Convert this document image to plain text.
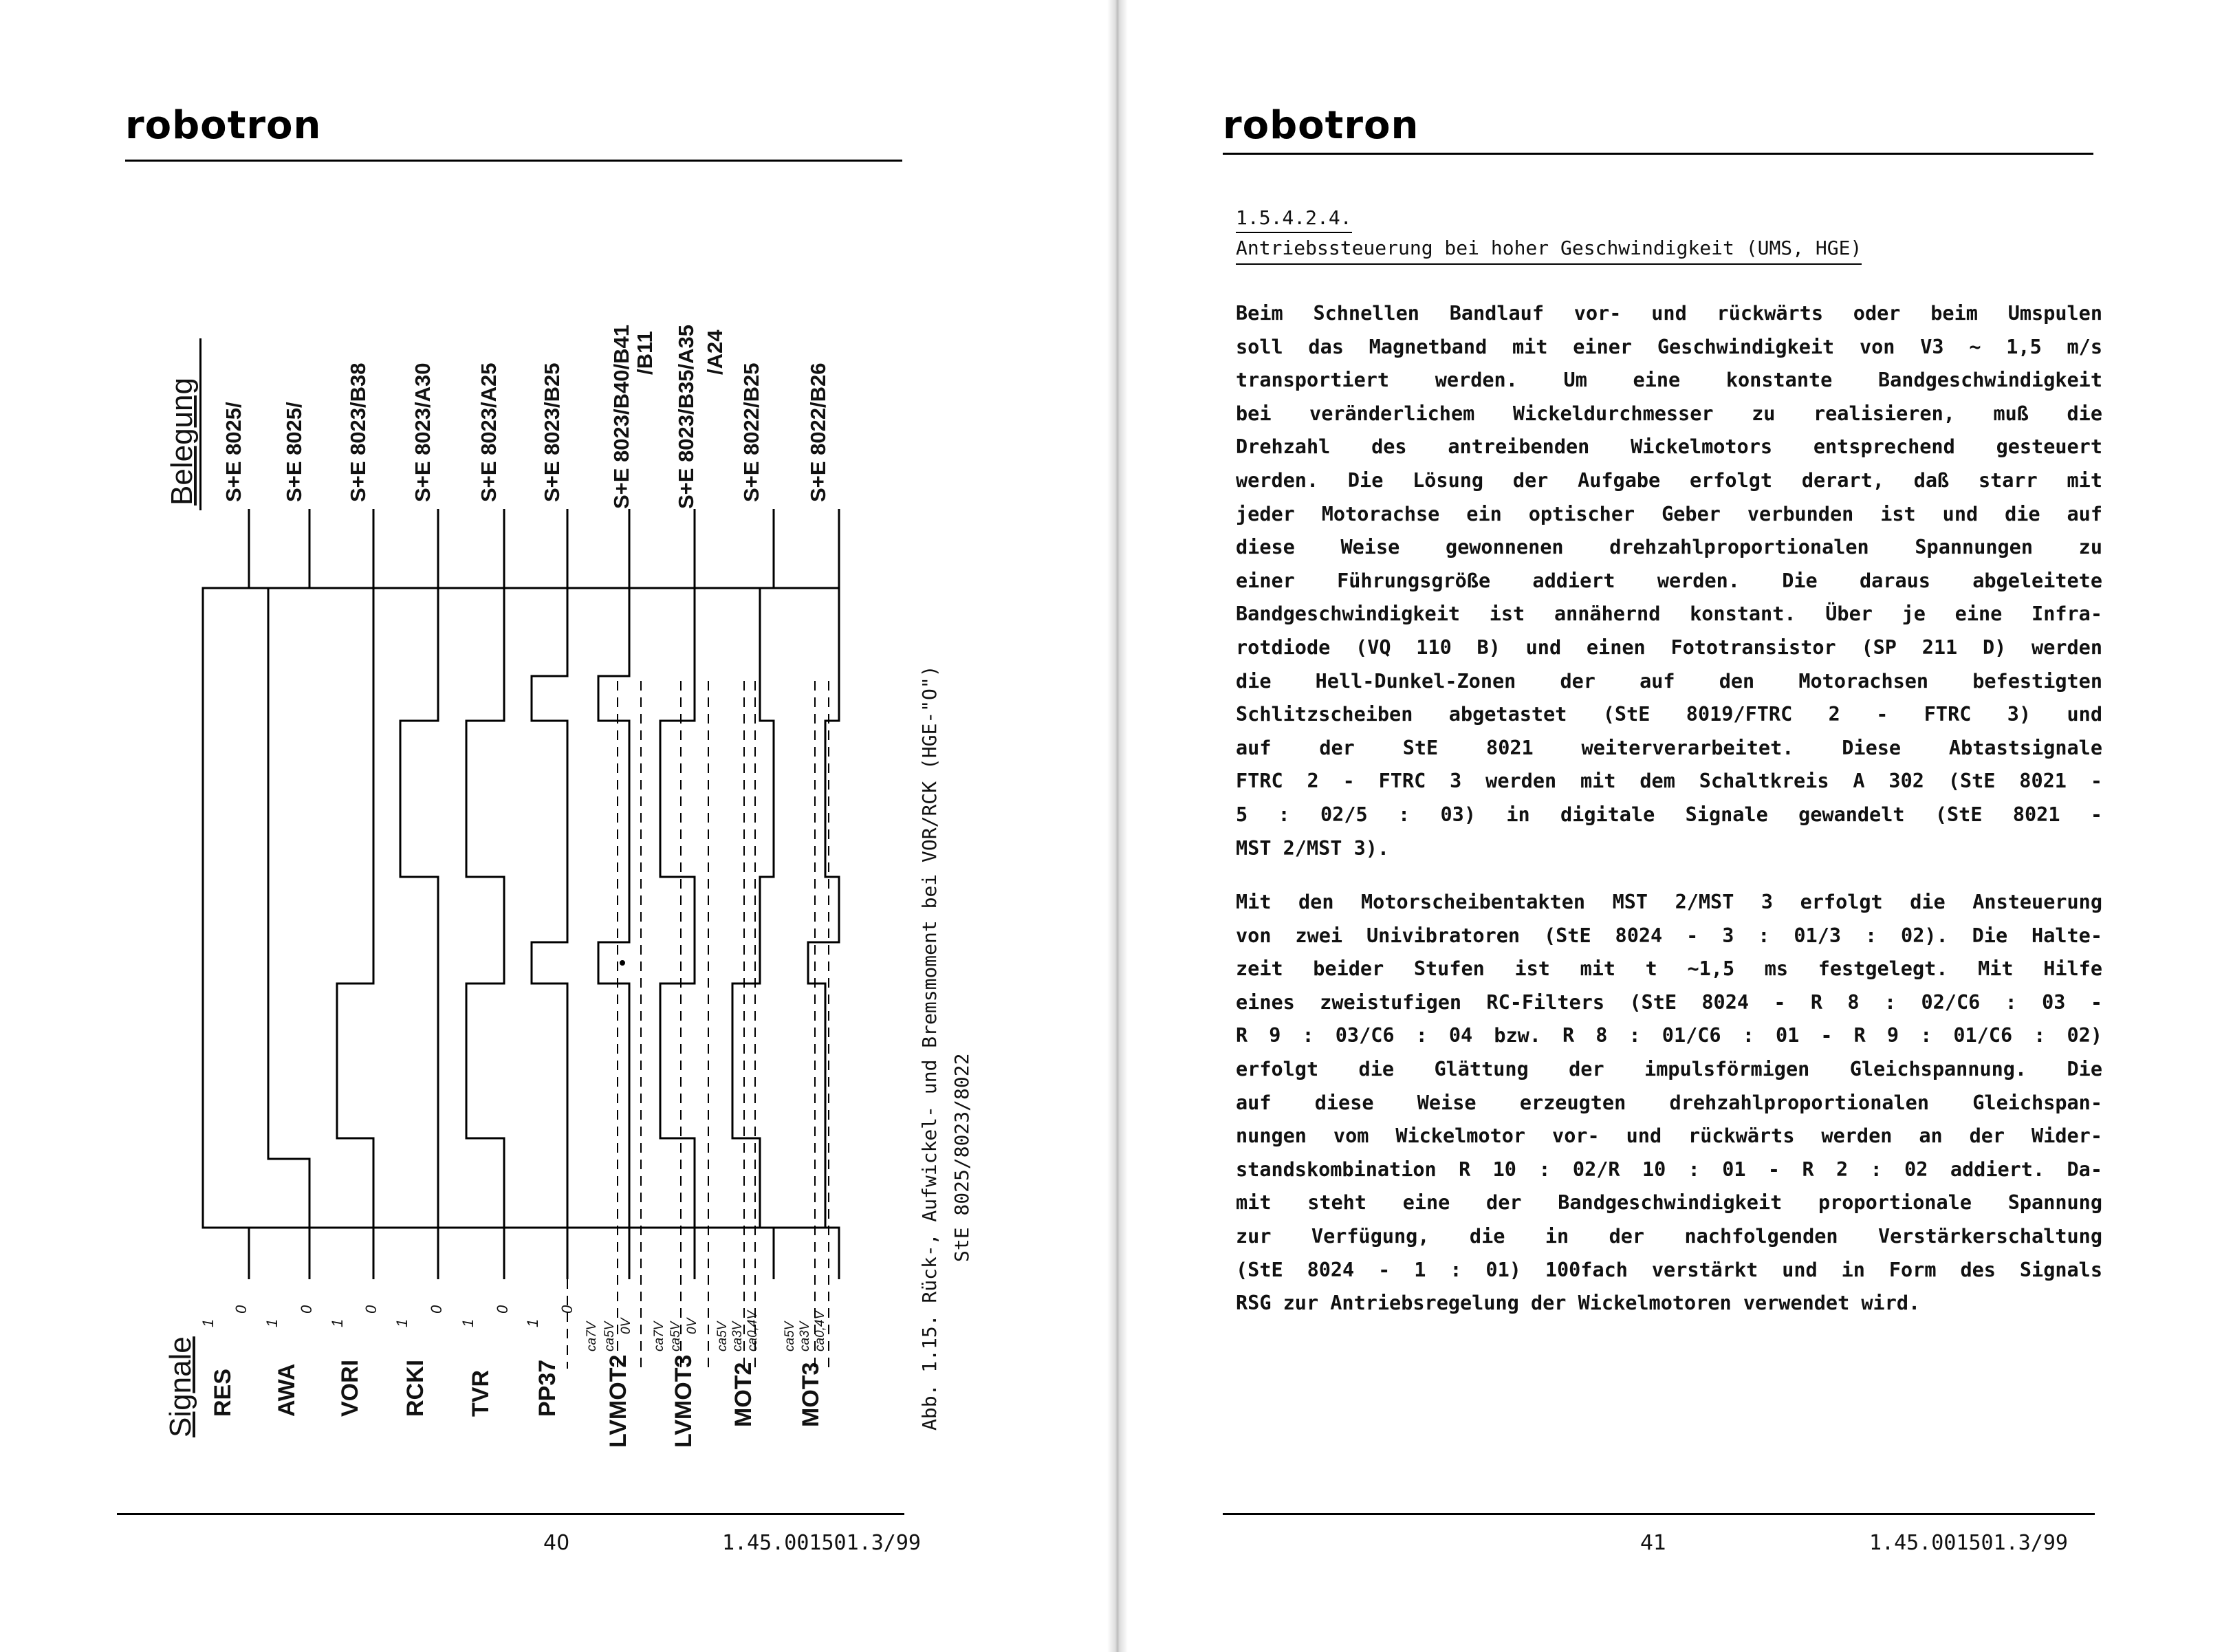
robotron
Signale
Belegung
RES AWA VORI RCKI TVR PP37 LVMOT2 LVMOT3 MOT2 MOT3
1
0
1
0
1
0
1
0
1
0
1
0
ca7V ca5V 0V ca7V ca5V 0V ca5V ca3V ca0,4V ca5V ca3V ca0,4V
S+E 8025/ S+E 8025/ S+E 8023/B38 S+E 8023/A30 S+E 8023/A25 S+E 8023/B25 S+E 8023/B40/B41 /B11 S+E 8023/B35/A35 /A24
S+E 8022/B25 S+E 8022/B26
Abb. 1.15. Rück-, Aufwickel- und Bremsmoment bei VOR/RCK (HGE-"O") StE 8025/8023/8022
40	1.45.001501.3/99
robotron
1.5.4.2.4.
Antriebssteuerung bei hoher Geschwindigkeit (UMS, HGE)
Beim Schnellen Bandlauf vor- und rückwärts oder beim Umspulen
soll das Magnetband mit einer Geschwindigkeit von V3 ~ 1,5 m/s
transportiert werden. Um eine konstante Bandgeschwindigkeit
bei veränderlichem Wickeldurchmesser zu realisieren, muß die
Drehzahl des antreibenden Wickelmotors entsprechend gesteuert
werden. Die Lösung der Aufgabe erfolgt derart, daß starr mit
jeder Motorachse ein optischer Geber verbunden ist und die auf
diese Weise gewonnenen drehzahlproportionalen Spannungen zu
einer Führungsgröße addiert werden. Die daraus abgeleitete
Bandgeschwindigkeit ist annähernd konstant. Über je eine Infra-
rotdiode (VQ 110 B) und einen Fototransistor (SP 211 D) werden
die Hell-Dunkel-Zonen der auf den Motorachsen befestigten
Schlitzscheiben abgetastet (StE 8019/FTRC 2 - FTRC 3) und
auf der StE 8021 weiterverarbeitet. Diese Abtastsignale
FTRC 2 - FTRC 3 werden mit dem Schaltkreis A 302 (StE 8021 -
5 : 02/5 : 03) in digitale Signale gewandelt (StE 8021 -
MST 2/MST 3).
Mit den Motorscheibentakten MST 2/MST 3 erfolgt die Ansteuerung
von zwei Univibratoren (StE 8024 - 3 : 01/3 : 02). Die Halte-
zeit beider Stufen ist mit t ~1,5 ms festgelegt. Mit Hilfe
eines zweistufigen RC-Filters (StE 8024 - R 8 : 02/C6 : 03 -
R 9 : 03/C6 : 04 bzw. R 8 : 01/C6 : 01 - R 9 : 01/C6 : 02)
erfolgt die Glättung der impulsförmigen Gleichspannung. Die
auf diese Weise erzeugten drehzahlproportionalen Gleichspan-
nungen vom Wickelmotor vor- und rückwärts werden an der Wider-
standskombination R 10 : 02/R 10 : 01 - R 2 : 02 addiert. Da-
mit steht eine der Bandgeschwindigkeit proportionale Spannung
zur Verfügung, die in der nachfolgenden Verstärkerschaltung
(StE 8024 - 1 : 01) 100fach verstärkt und in Form des Signals
RSG zur Antriebsregelung der Wickelmotoren verwendet wird.
41	1.45.001501.3/99
